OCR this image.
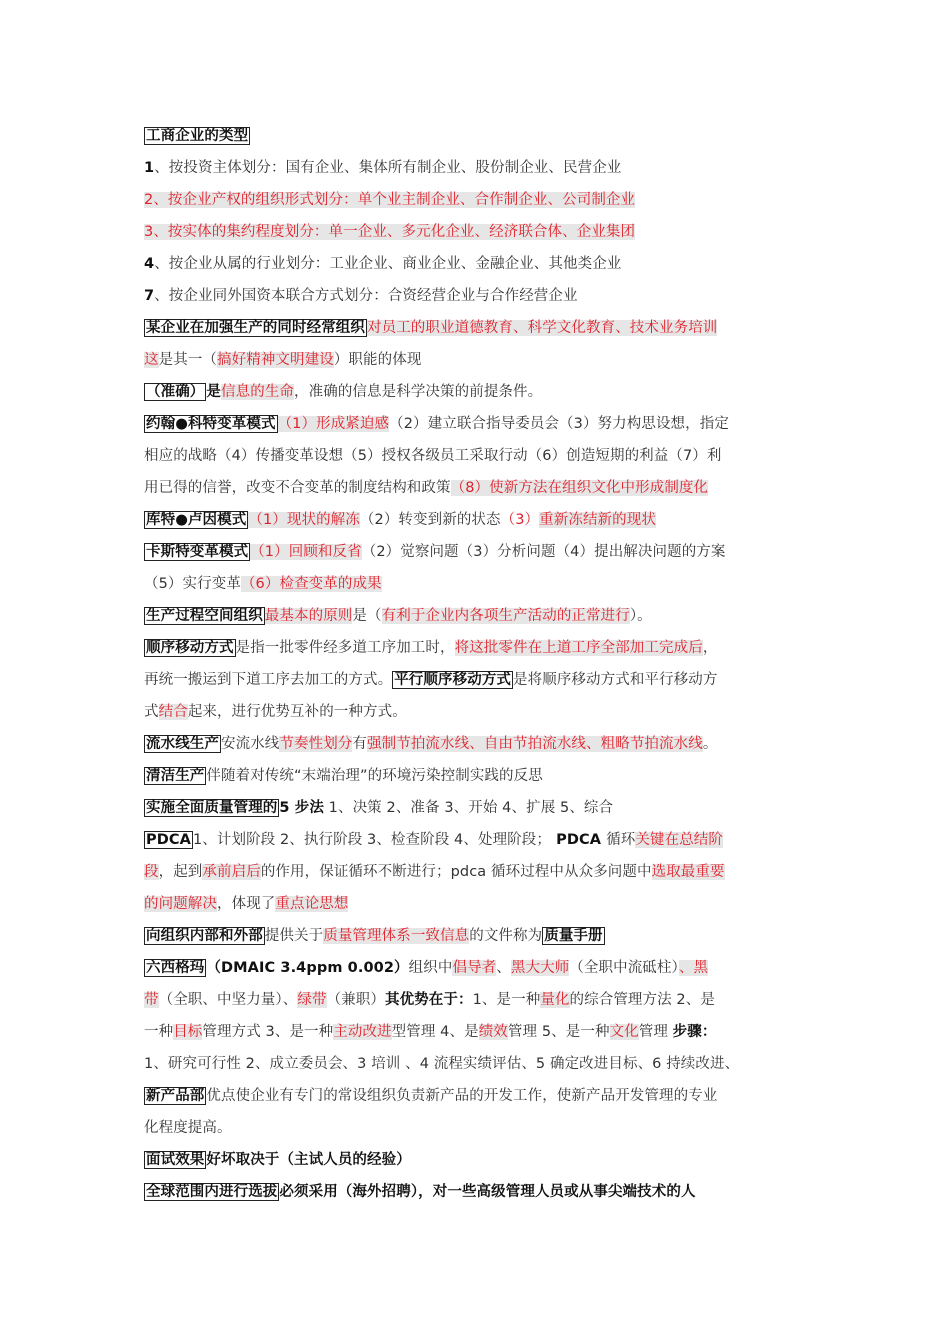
工商企业的类型
1、按投资主体划分：国有企业、集体所有制企业、股份制企业、民营企业
2、按企业产权的组织形式划分：单个业主制企业、合作制企业、公司制企业
3、按实体的集约程度划分：单一企业、多元化企业、经济联合体、企业集团
4、按企业从属的行业划分：工业企业、商业企业、金融企业、其他类企业
7、按企业同外国资本联合方式划分：合资经营企业与合作经营企业
某企业在加强生产的同时经常组织 对员工的职业道德教育、科学文化教育、技术业务培训
这是其一（搞好精神文明建设）职能的体现
（准确） 是信息的生命，准确的信息是科学决策的前提条件。
约翰●科特变革模式 （1）形成紧迫感（2）建立联合指导委员会（3）努力构思设想，指定
相应的战略（4）传播变革设想（5）授权各级员工采取行动（6）创造短期的利益（7）利
用已得的信誉，改变不合变革的制度结构和政策（8）使新方法在组织文化中形成制度化
库特●卢因模式 （1）现状的解冻（2）转变到新的状态（3）重新冻结新的现状
卡斯特变革模式 （1）回顾和反省（2）觉察问题（3）分析问题（4）提出解决问题的方案
（5）实行变革（6）检查变革的成果
生产过程空间组织 最基本的原则是（有利于企业内各项生产活动的正常进行）。
顺序移动方式 是指一批零件经多道工序加工时，将这批零件在上道工序全部加工完成后，
再统一搬运到下道工序去加工的方式。 平行顺序移动方式 是将顺序移动方式和平行移动方
式结合起来，进行优势互补的一种方式。
流水线生产 安流水线节奏性划分有强制节拍流水线、自由节拍流水线、粗略节拍流水线。
清洁生产 伴随着对传统“末端治理”的环境污染控制实践的反思
实施全面质量管理的 5 步法 1、决策 2、准备 3、开始 4、扩展 5、综合
PDCA 1、计划阶段 2、执行阶段 3、检查阶段 4、处理阶段； PDCA 循环关键在总结阶
段，起到承前启后的作用，保证循环不断进行；pdca 循环过程中从众多问题中选取最重要
的问题解决，体现了重点论思想
向组织内部和外部 提供关于质量管理体系一致信息的文件称为 质量手册
六西格玛 （DMAIC 3.4ppm 0.002）组织中倡导者、黑大大师（全职中流砥柱）、黑
带（全职、中坚力量）、绿带（兼职）其优势在于：1、是一种量化的综合管理方法 2、是
一种目标管理方式 3、是一种主动改进型管理 4、是绩效管理 5、是一种文化管理 步骤：
1、研究可行性 2、成立委员会、3 培训 、4 流程实绩评估、5 确定改进目标、6 持续改进、
新产品部 优点使企业有专门的常设组织负责新产品的开发工作，使新产品开发管理的专业
化程度提高。
面试效果 好坏取决于（主试人员的经验）
全球范围内进行选拔 必须采用（海外招聘），对一些高级管理人员或从事尖端技术的人
